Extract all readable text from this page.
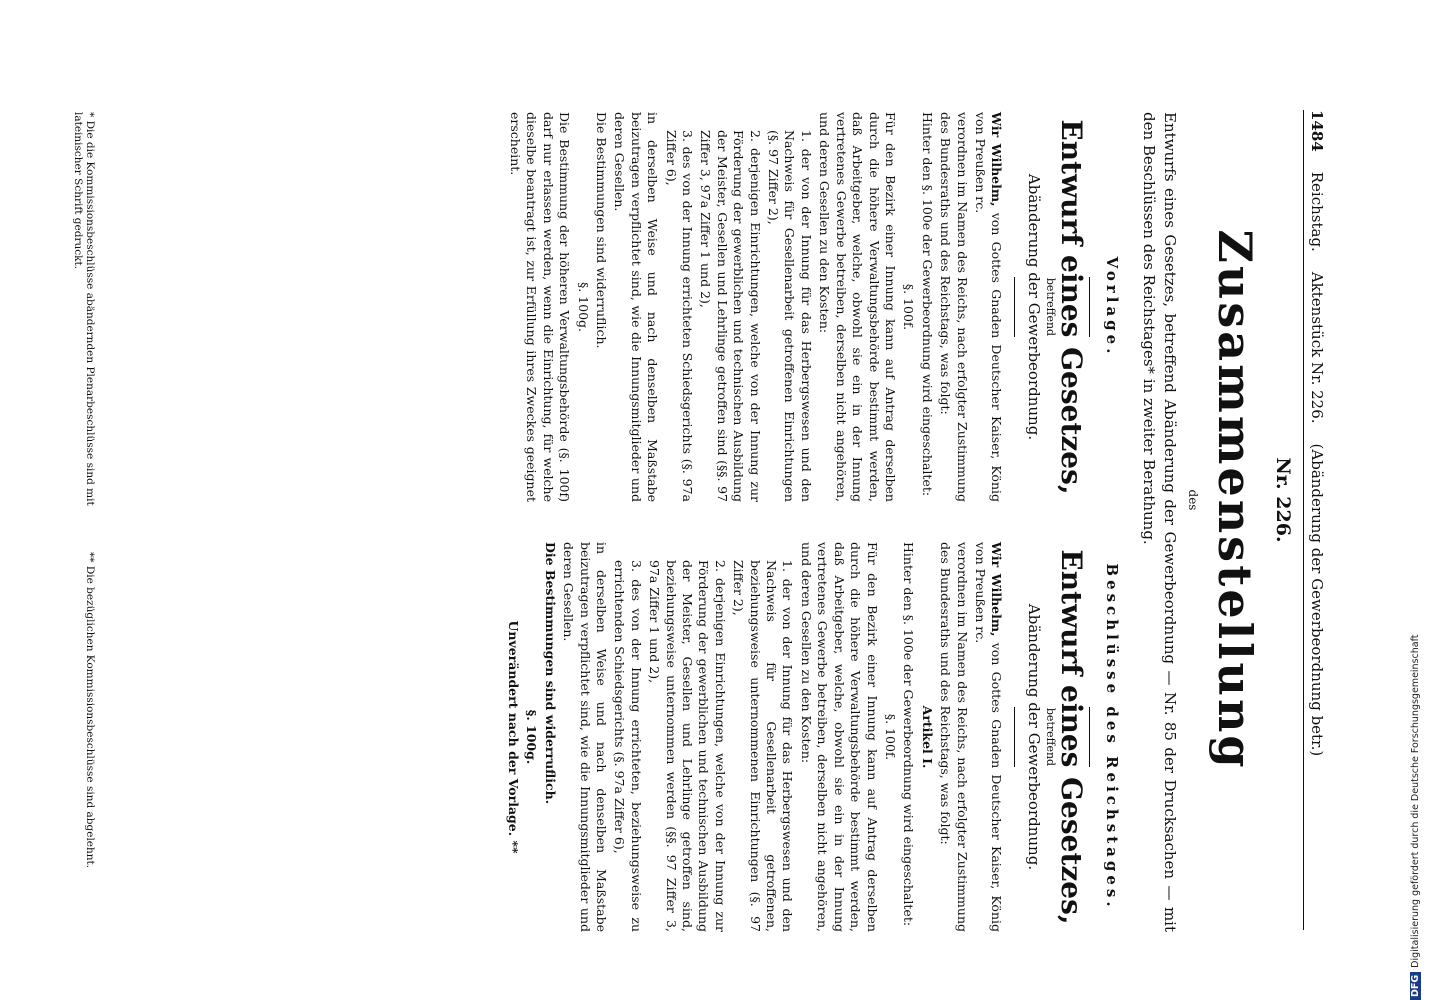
1484
Reichstag.
Aktenstück Nr. 226.
(Abänderung der Gewerbeordnung betr.)
Nr. 226.
Zusammenstellung
des
Entwurfs eines Gesetzes, betreffend Abänderung der Gewerbeordnung — Nr. 85 der Drucksachen — mit den Beschlüssen des Reichstages* in zweiter Berathung.

Vorlage.

Entwurf eines Gesetzes,

betreffend

Abänderung der Gewerbeordnung.

Wir Wilhelm, von Gottes Gnaden Deutscher Kaiser, König von Preußen rc.

verordnen im Namen des Reichs, nach erfolgter Zustimmung des Bundesraths und des Reichstags, was folgt:

Hinter den §. 100e der Gewerbeordnung wird eingeschaltet:

§. 100f.

Für den Bezirk einer Innung kann auf Antrag derselben durch die höhere Verwaltungsbehörde bestimmt werden, daß Arbeitgeber, welche, obwohl sie ein in der Innung vertretenes Gewerbe betreiben, derselben nicht angehören, und deren Gesellen zu den Kosten:

1. der von der Innung für das Herbergswesen und den Nachweis für Gesellenarbeit getroffenen Einrichtungen (§. 97 Ziffer 2),

2. derjenigen Einrichtungen, welche von der Innung zur Förderung der gewerblichen und technischen Ausbildung der Meister, Gesellen und Lehrlinge getroffen sind (§§. 97 Ziffer 3, 97a Ziffer 1 und 2),

3. des von der Innung errichteten Schiedsgerichts (§. 97a Ziffer 6),

in derselben Weise und nach denselben Maßstabe beizutragen verpflichtet sind, wie die Innungsmitglieder und deren Gesellen.

Die Bestimmungen sind widerruflich.

§. 100g.

Die Bestimmung der höheren Verwaltungsbehörde (§. 100f) darf nur erlassen werden, wenn die Einrichtung, für welche dieselbe beantragt ist, zur Erfüllung ihres Zweckes geeignet erscheint.

Beschlüsse des Reichstages.

Entwurf eines Gesetzes,

betreffend

Abänderung der Gewerbeordnung.

Wir Wilhelm, von Gottes Gnaden Deutscher Kaiser, König von Preußen rc.

verordnen im Namen des Reichs, nach erfolgter Zustimmung des Bundesraths und des Reichstags, was folgt:

Artikel I.

Hinter den §. 100e der Gewerbeordnung wird eingeschaltet:

§. 100f.

Für den Bezirk einer Innung kann auf Antrag derselben durch die höhere Verwaltungsbehörde bestimmt werden, daß Arbeitgeber, welche, obwohl sie ein in der Innung vertretenes Gewerbe betreiben, derselben nicht angehören, und deren Gesellen zu den Kosten:

1. der von der Innung für das Herbergswesen und den Nachweis für Gesellenarbeit getroffenen, beziehungsweise unternommenen Einrichtungen (§. 97 Ziffer 2),

2. derjenigen Einrichtungen, welche von der Innung zur Förderung der gewerblichen und technischen Ausbildung der Meister, Gesellen und Lehrlinge getroffen sind, beziehungsweise unternommen werden (§§. 97 Ziffer 3, 97a Ziffer 1 und 2),

3. des von der Innung errichteten, beziehungsweise zu errichtenden Schiedsgerichts (§. 97a Ziffer 6),

in derselben Weise und nach denselben Maßstabe beizutragen verpflichtet sind, wie die Innungsmitglieder und deren Gesellen.

Die Bestimmungen sind widerruflich.

§. 100g.

Unverändert nach der Vorlage. **

* Die die Kommissionsbeschlüsse abändernden Plenarbeschlüsse sind mit lateinischer Schrift gedruckt.
** Die bezüglichen Kommissionsbeschlüsse sind abgelehnt.
DFGDigitalisierung gefördert durch die Deutsche Forschungsgemeinschaft
